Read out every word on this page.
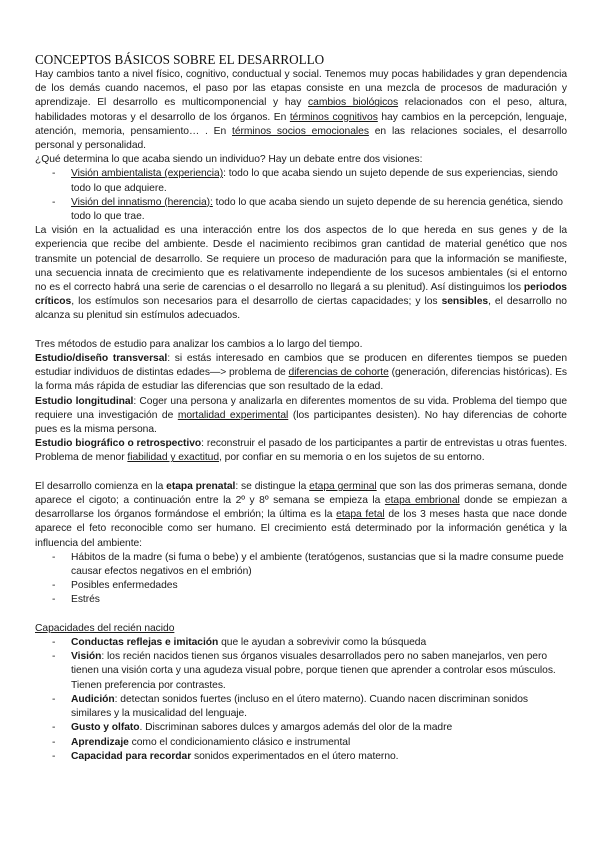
CONCEPTOS BÁSICOS SOBRE EL DESARROLLO

Hay cambios tanto a nivel físico, cognitivo, conductual y social. Tenemos muy pocas habilidades y gran dependencia de los demás cuando nacemos, el paso por las etapas consiste en una mezcla de procesos de maduración y aprendizaje. El desarrollo es multicomponencial y hay cambios biológicos relacionados con el peso, altura, habilidades motoras y el desarrollo de los órganos. En términos cognitivos hay cambios en la percepción, lenguaje, atención, memoria, pensamiento… . En términos socios emocionales en las relaciones sociales, el desarrollo personal y personalidad.

¿Qué determina lo que acaba siendo un individuo? Hay un debate entre dos visiones:

- Visión ambientalista (experiencia): todo lo que acaba siendo un sujeto depende de sus experiencias, siendo todo lo que adquiere.
- Visión del innatismo (herencia): todo lo que acaba siendo un sujeto depende de su herencia genética, siendo todo lo que trae.

La visión en la actualidad es una interacción entre los dos aspectos de lo que hereda en sus genes y de la experiencia que recibe del ambiente. Desde el nacimiento recibimos gran cantidad de material genético que nos transmite un potencial de desarrollo. Se requiere un proceso de maduración para que la información se manifieste, una secuencia innata de crecimiento que es relativamente independiente de los sucesos ambientales (si el entorno no es el correcto habrá una serie de carencias o el desarrollo no llegará a su plenitud). Así distinguimos los periodos críticos, los estímulos son necesarios para el desarrollo de ciertas capacidades; y los sensibles, el desarrollo no alcanza su plenitud sin estímulos adecuados.

Tres métodos de estudio para analizar los cambios a lo largo del tiempo.

Estudio/diseño transversal: si estás interesado en cambios que se producen en diferentes tiempos se pueden estudiar individuos de distintas edades—> problema de diferencias de cohorte (generación, diferencias históricas). Es la forma más rápida de estudiar las diferencias que son resultado de la edad.

Estudio longitudinal: Coger una persona y analizarla en diferentes momentos de su vida. Problema del tiempo que requiere una investigación de mortalidad experimental (los participantes desisten). No hay diferencias de cohorte pues es la misma persona.

Estudio biográfico o retrospectivo: reconstruir el pasado de los participantes a partir de entrevistas u otras fuentes. Problema de menor fiabilidad y exactitud, por confiar en su memoria o en los sujetos de su entorno.

El desarrollo comienza en la etapa prenatal: se distingue la etapa germinal que son las dos primeras semana, donde aparece el cigoto; a continuación entre la 2º y 8º semana se empieza la etapa embrional donde se empiezan a desarrollarse los órganos formándose el embrión; la última es la etapa fetal de los 3 meses hasta que nace donde aparece el feto reconocible como ser humano. El crecimiento está determinado por la información genética y la influencia del ambiente:

- Hábitos de la madre (si fuma o bebe) y el ambiente (teratógenos, sustancias que si la madre consume puede causar efectos negativos en el embrión)
- Posibles enfermedades
- Estrés

Capacidades del recién nacido

- Conductas reflejas e imitación que le ayudan a sobrevivir como la búsqueda
- Visión: los recién nacidos tienen sus órganos visuales desarrollados pero no saben manejarlos, ven pero tienen una visión corta y una agudeza visual pobre, porque tienen que aprender a controlar esos músculos. Tienen preferencia por contrastes.
- Audición: detectan sonidos fuertes (incluso en el útero materno). Cuando nacen discriminan sonidos similares y la musicalidad del lenguaje.
- Gusto y olfato. Discriminan sabores dulces y amargos además del olor de la madre
- Aprendizaje como el condicionamiento clásico e instrumental
- Capacidad para recordar sonidos experimentados en el útero materno.
